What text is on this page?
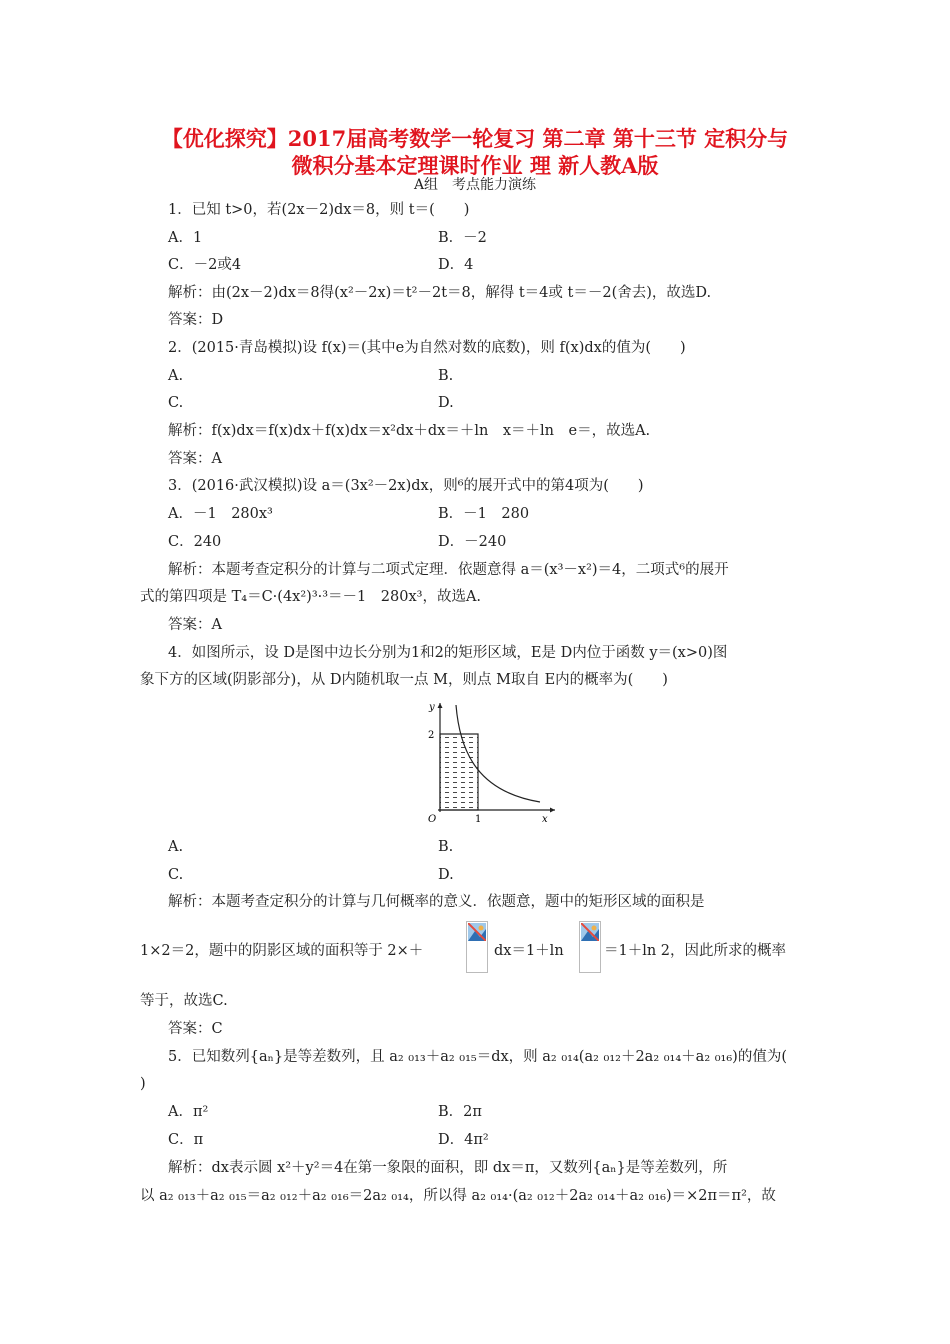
【优化探究】2017届高考数学一轮复习 第二章 第十三节 定积分与
微积分基本定理课时作业 理 新人教A版
A组　考点能力演练
1．已知 t>0，若(2x－2)dx＝8，则 t＝(　　)
A．1	B．－2
C．－2或4	D．4
解析：由(2x－2)dx＝8得(x²－2x)＝t²－2t＝8，解得 t＝4或 t＝－2(舍去)，故选D.
答案：D
2．(2015·青岛模拟)设 f(x)＝(其中e为自然对数的底数)，则 f(x)dx的值为(　　)
A.	B.
C.	D.
解析：f(x)dx＝f(x)dx＋f(x)dx＝x²dx＋dx＝＋ln　x＝＋ln　e＝，故选A.
答案：A
3．(2016·武汉模拟)设 a＝(3x²－2x)dx，则⁶的展开式中的第4项为(　　)
A．－1　280x³	B．－1　280
C．240	D．－240
解析：本题考查定积分的计算与二项式定理．依题意得 a＝(x³－x²)＝4，二项式⁶的展开
式的第四项是 T₄＝C·(4x²)³·³＝－1　280x³，故选A.
答案：A
4．如图所示，设 D是图中边长分别为1和2的矩形区域，E是 D内位于函数 y＝(x>0)图
象下方的区域(阴影部分)，从 D内随机取一点 M，则点 M取自 E内的概率为(　　)
y
2
O	1	x
A.	B.
C.	D.
解析：本题考查定积分的计算与几何概率的意义．依题意，题中的矩形区域的面积是
1×2＝2，题中的阴影区域的面积等于 2×＋	dx＝1＋ln	＝1＋ln 2，因此所求的概率
等于，故选C.
答案：C
5．已知数列{aₙ}是等差数列，且 a₂ ₀₁₃＋a₂ ₀₁₅＝dx，则 a₂ ₀₁₄(a₂ ₀₁₂＋2a₂ ₀₁₄＋a₂ ₀₁₆)的值为(
)
A．π²	B．2π
C．π	D．4π²
解析：dx表示圆 x²＋y²＝4在第一象限的面积，即 dx＝π，又数列{aₙ}是等差数列，所
以 a₂ ₀₁₃＋a₂ ₀₁₅＝a₂ ₀₁₂＋a₂ ₀₁₆＝2a₂ ₀₁₄，所以得 a₂ ₀₁₄·(a₂ ₀₁₂＋2a₂ ₀₁₄＋a₂ ₀₁₆)＝×2π＝π²，故
